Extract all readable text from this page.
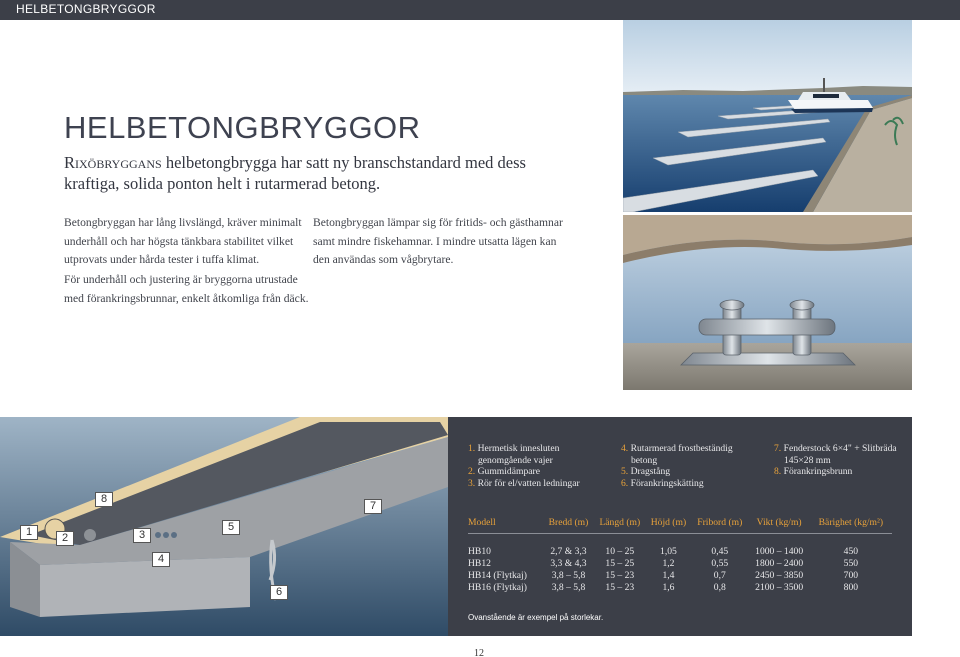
HELBETONGBRYGGOR
HELBETONGBRYGGOR

Rixöbryggans helbetongbrygga har satt ny branschstandard med dess kraftiga, solida ponton helt i rutarmerad betong.

Betongbryggan har lång livslängd, kräver minimalt underhåll och har högsta tänkbara stabilitet vilket utprovats under hårda tester i tuffa klimat.

Betongbryggan lämpar sig för fritids- och gästhamnar samt mindre fiskehamnar. I mindre utsatta lägen kan den användas som vågbrytare.

För underhåll och justering är bryggorna utrustade med förankringsbrunnar, enkelt åtkomliga från däck.

1	2	3
4
5
6
7
8
1. Hermetisk innesluten
genomgående vajer
2. Gummidämpare
3. Rör för el/vatten ledningar
4. Rutarmerad frostbeständig
betong
5. Dragstång
6. Förankringskätting
7. Fenderstock 6×4" + Slitbräda
145×28 mm
8. Förankringsbrunn
Modell	Bredd (m)	Längd (m)	Höjd (m)	Fribord (m)	Vikt (kg/m)	Bärighet (kg/m²)
HB10	2,7 & 3,3	10 – 25	1,05	0,45	1000 – 1400	450
HB12	3,3 & 4,3	15 – 25	1,2	0,55	1800 – 2400	550
HB14 (Flytkaj)	3,8 – 5,8	15 – 23	1,4	0,7	2450 – 3850	700
HB16 (Flytkaj)	3,8 – 5,8	15 – 23	1,6	0,8	2100 – 3500	800
Ovanstående är exempel på storlekar.
12
